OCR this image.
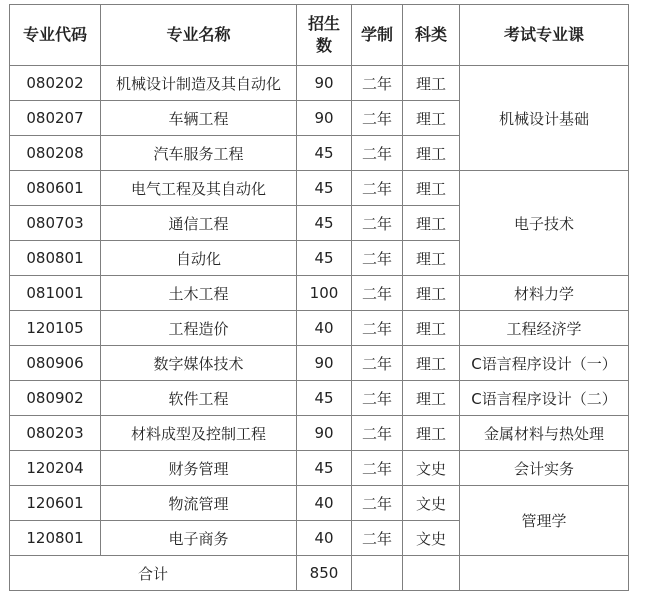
专业代码	专业名称	招生数	学制	科类	考试专业课
080202	机械设计制造及其自动化	90	二年	理工	机械设计基础
080207	车辆工程	90	二年	理工	
080208	汽车服务工程	45	二年	理工	
080601	电气工程及其自动化	45	二年	理工	电子技术
080703	通信工程	45	二年	理工	
080801	自动化	45	二年	理工	
081001	土木工程	100	二年	理工	材料力学
120105	工程造价	40	二年	理工	工程经济学
080906	数字媒体技术	90	二年	理工	C语言程序设计（一）
080902	软件工程	45	二年	理工	C语言程序设计（二）
080203	材料成型及控制工程	90	二年	理工	金属材料与热处理
120204	财务管理	45	二年	文史	会计实务
120601	物流管理	40	二年	文史	管理学
120801	电子商务	40	二年	文史	
合计		850			
